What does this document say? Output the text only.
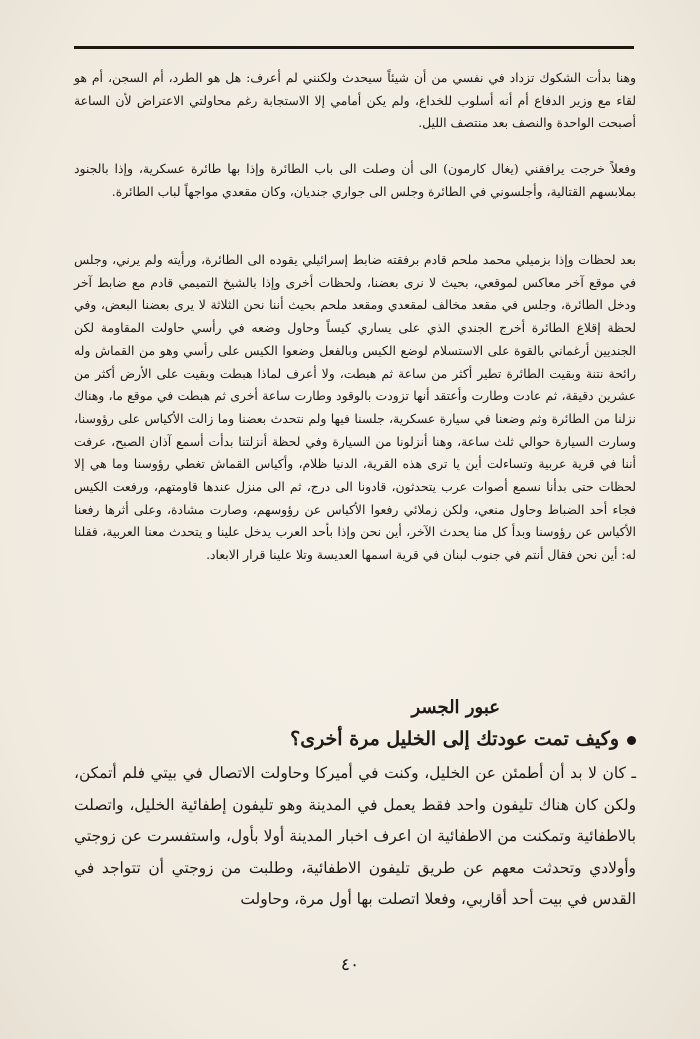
وهنا بدأت الشكوك تزداد في نفسي من أن شيئاً سيحدث ولكنني لم أعرف: هل هو الطرد، أم السجن، أم هو لقاء مع وزير الدفاع أم أنه أسلوب للخداع، ولم يكن أمامي إلا الاستجابة رغم محاولتي الاعتراض لأن الساعة أصبحت الواحدة والنصف بعد منتصف الليل.

وفعلاً خرجت يرافقني (يغال كارمون) الى أن وصلت الى باب الطائرة وإذا بها طائرة عسكرية، وإذا بالجنود بملابسهم القتالية، وأجلسوني في الطائرة وجلس الى جواري جنديان، وكان مقعدي مواجهاً لباب الطائرة.

بعد لحظات وإذا بزميلي محمد ملحم قادم برفقته ضابط إسرائيلي يقوده الى الطائرة، ورأيته ولم يرني، وجلس في موقع آخر معاكس لموقعي، بحيث لا نرى بعضنا، ولحظات أخرى وإذا بالشيخ التميمي قادم مع ضابط آخر ودخل الطائرة، وجلس في مقعد مخالف لمقعدي ومقعد ملحم بحيث أننا نحن الثلاثة لا يرى بعضنا البعض، وفي لحظة إقلاع الطائرة أخرج الجندي الذي على يساري كيساً وحاول وضعه في رأسي حاولت المقاومة لكن الجنديين أرغماني بالقوة على الاستسلام لوضع الكيس وبالفعل وضعوا الكيس على رأسي وهو من القماش وله رائحة نتنة وبقيت الطائرة تطير أكثر من ساعة ثم هبطت، ولا أعرف لماذا هبطت وبقيت على الأرض أكثر من عشرين دقيقة، ثم عادت وطارت وأعتقد أنها تزودت بالوقود وطارت ساعة أخرى ثم هبطت في موقع ما، وهناك نزلنا من الطائرة وثم وضعنا في سيارة عسكرية، جلسنا فيها ولم نتحدث بعضنا وما زالت الأكياس على رؤوسنا، وسارت السيارة حوالي ثلث ساعة، وهنا أنزلونا من السيارة وفي لحظة أنزلتنا بدأت أسمع آذان الصبح، عرفت أننا في قرية عربية وتساءلت أين يا ترى هذه القرية، الدنيا ظلام، وأكياس القماش تغطي رؤوسنا وما هي إلا لحظات حتى بدأنا نسمع أصوات عرب يتحدثون، قادونا الى درج، ثم الى منزل عندها قاومتهم، ورفعت الكيس فجاء أحد الضباط وحاول منعي، ولكن زملائي رفعوا الأكياس عن رؤوسهم، وصارت مشادة، وعلى أثرها رفعنا الأكياس عن رؤوسنا وبدأ كل منا يحدث الآخر، أين نحن وإذا بأحد العرب يدخل علينا و يتحدث معنا العربية، فقلنا له: أين نحن فقال أنتم في جنوب لبنان في قرية اسمها العديسة وتلا علينا قرار الابعاد.

عبور الجسر
وكيف تمت عودتك إلى الخليل مرة أخرى؟

ـ كان لا بد أن أطمئن عن الخليل، وكنت في أميركا وحاولت الاتصال في بيتي فلم أتمكن، ولكن كان هناك تليفون واحد فقط يعمل في المدينة وهو تليفون إطفائية الخليل، واتصلت بالاطفائية وتمكنت من الاطفائية ان اعرف اخبار المدينة أولا بأول، واستفسرت عن زوجتي وأولادي وتحدثت معهم عن طريق تليفون الاطفائية، وطلبت من زوجتي أن تتواجد في القدس في بيت أحد أقاربي، وفعلا اتصلت بها أول مرة، وحاولت

٤٠
